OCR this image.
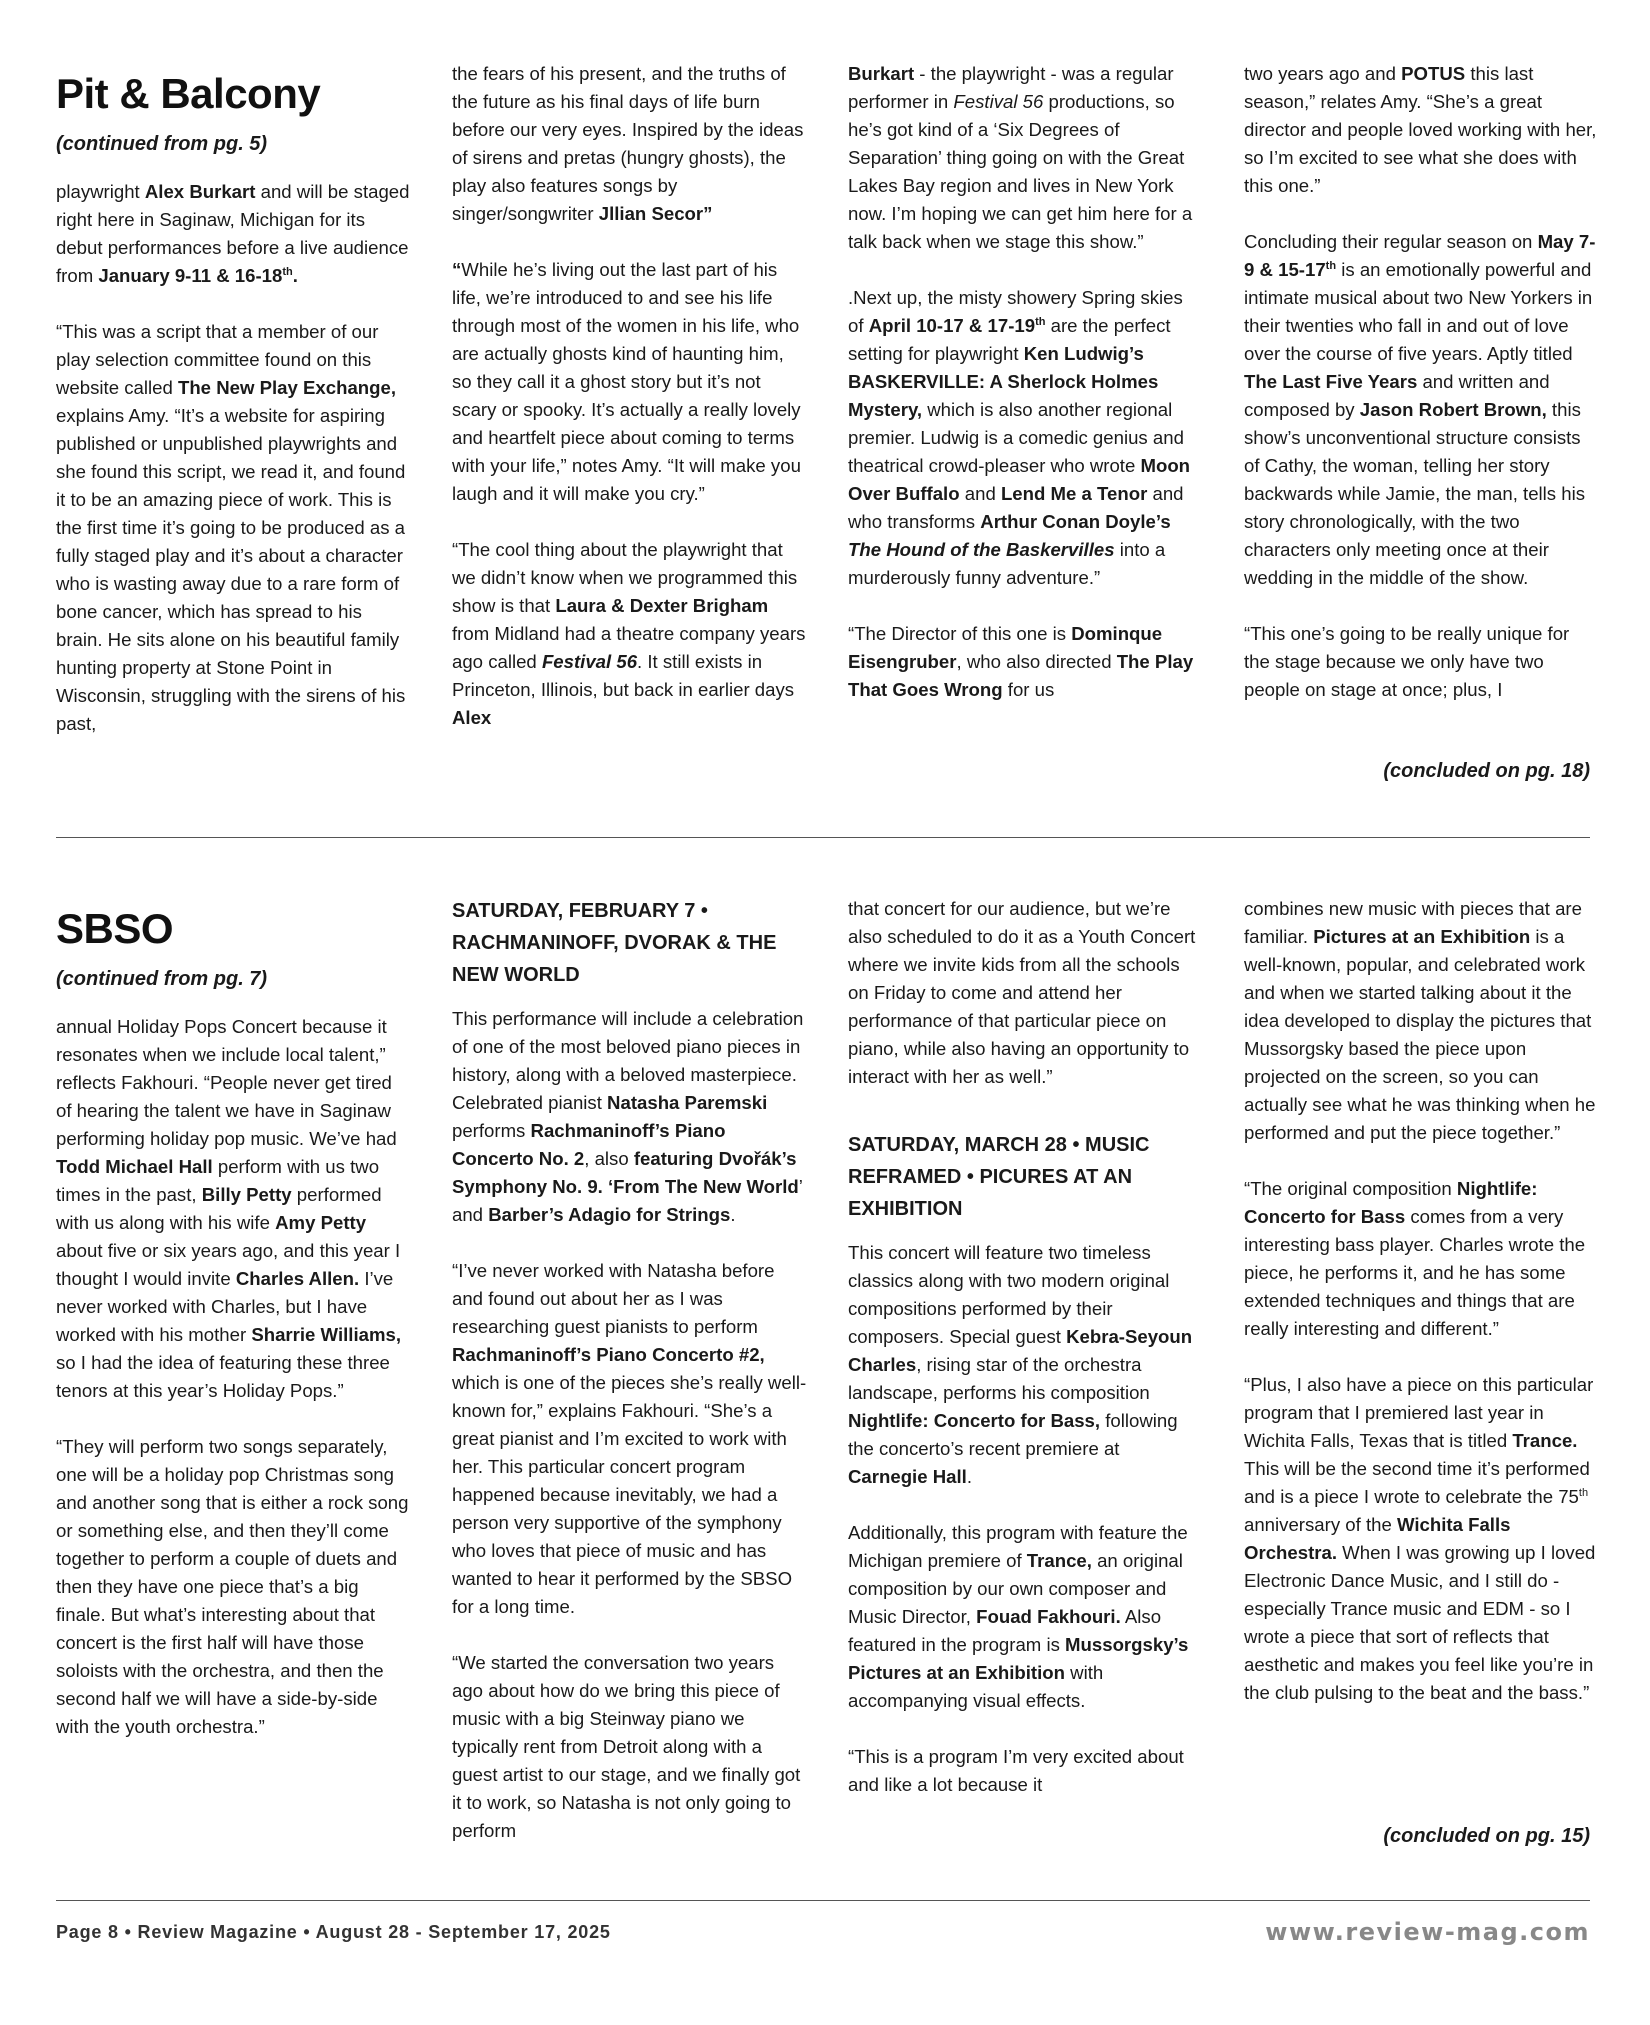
Pit & Balcony
(continued from pg. 5)

playwright Alex Burkart and will be staged right here in Saginaw, Michigan for its debut performances before a live audience from January 9-11 & 16-18th.

“This was a script that a member of our play selection committee found on this website called The New Play Exchange, explains Amy. “It’s a website for aspiring published or unpublished playwrights and she found this script, we read it, and found it to be an amazing piece of work. This is the first time it’s going to be produced as a fully staged play and it’s about a character who is wasting away due to a rare form of bone cancer, which has spread to his brain. He sits alone on his beautiful family hunting property at Stone Point in Wisconsin, struggling with the sirens of his past,

the fears of his present, and the truths of the future as his final days of life burn before our very eyes. Inspired by the ideas of sirens and pretas (hungry ghosts), the play also features songs by singer/songwriter Jllian Secor”

“While he’s living out the last part of his life, we’re introduced to and see his life through most of the women in his life, who are actually ghosts kind of haunting him, so they call it a ghost story but it’s not scary or spooky. It’s actually a really lovely and heartfelt piece about coming to terms with your life,” notes Amy. “It will make you laugh and it will make you cry.”

“The cool thing about the playwright that we didn’t know when we programmed this show is that Laura & Dexter Brigham from Midland had a theatre company years ago called Festival 56. It still exists in Princeton, Illinois, but back in earlier days Alex

Burkart - the playwright - was a regular performer in Festival 56 productions, so he’s got kind of a ‘Six Degrees of Separation’ thing going on with the Great Lakes Bay region and lives in New York now. I’m hoping we can get him here for a talk back when we stage this show.”

.Next up, the misty showery Spring skies of April 10-17 & 17-19th are the perfect setting for playwright Ken Ludwig’s BASKERVILLE: A Sherlock Holmes Mystery, which is also another regional premier. Ludwig is a comedic genius and theatrical crowd-pleaser who wrote Moon Over Buffalo and Lend Me a Tenor and who transforms Arthur Conan Doyle’s The Hound of the Baskervilles into a murderously funny adventure.”

“The Director of this one is Dominque Eisengruber, who also directed The Play That Goes Wrong for us

two years ago and POTUS this last season,” relates Amy. “She’s a great director and people loved working with her, so I’m excited to see what she does with this one.”

Concluding their regular season on May 7-9 & 15-17th is an emotionally powerful and intimate musical about two New Yorkers in their twenties who fall in and out of love over the course of five years. Aptly titled The Last Five Years and written and composed by Jason Robert Brown, this show’s unconventional structure consists of Cathy, the woman, telling her story backwards while Jamie, the man, tells his story chronologically, with the two characters only meeting once at their wedding in the middle of the show.

“This one’s going to be really unique for the stage because we only have two people on stage at once; plus, I

(concluded on pg. 18)
SBSO
(continued from pg. 7)

annual Holiday Pops Concert because it resonates when we include local talent,” reflects Fakhouri. “People never get tired of hearing the talent we have in Saginaw performing holiday pop music. We’ve had Todd Michael Hall perform with us two times in the past, Billy Petty performed with us along with his wife Amy Petty about five or six years ago, and this year I thought I would invite Charles Allen. I’ve never worked with Charles, but I have worked with his mother Sharrie Williams, so I had the idea of featuring these three tenors at this year’s Holiday Pops.”

“They will perform two songs separately, one will be a holiday pop Christmas song and another song that is either a rock song or something else, and then they’ll come together to perform a couple of duets and then they have one piece that’s a big finale. But what’s interesting about that concert is the first half will have those soloists with the orchestra, and then the second half we will have a side-by-side with the youth orchestra.”

SATURDAY, FEBRUARY 7 • RACHMANINOFF, DVORAK & THE NEW WORLD

This performance will include a celebration of one of the most beloved piano pieces in history, along with a beloved masterpiece. Celebrated pianist Natasha Paremski performs Rachmaninoff’s Piano Concerto No. 2, also featuring Dvořák’s Symphony No. 9. ‘From The New World’ and Barber’s Adagio for Strings.

“I’ve never worked with Natasha before and found out about her as I was researching guest pianists to perform Rachmaninoff’s Piano Concerto #2, which is one of the pieces she’s really well-known for,” explains Fakhouri. “She’s a great pianist and I’m excited to work with her. This particular concert program happened because inevitably, we had a person very supportive of the symphony who loves that piece of music and has wanted to hear it performed by the SBSO for a long time.

“We started the conversation two years ago about how do we bring this piece of music with a big Steinway piano we typically rent from Detroit along with a guest artist to our stage, and we finally got it to work, so Natasha is not only going to perform

that concert for our audience, but we’re also scheduled to do it as a Youth Concert where we invite kids from all the schools on Friday to come and attend her performance of that particular piece on piano, while also having an opportunity to interact with her as well.”

SATURDAY, MARCH 28 • MUSIC REFRAMED • PICURES AT AN EXHIBITION

This concert will feature two timeless classics along with two modern original compositions performed by their composers. Special guest Kebra-Seyoun Charles, rising star of the orchestra landscape, performs his composition Nightlife: Concerto for Bass, following the concerto’s recent premiere at Carnegie Hall.

Additionally, this program with feature the Michigan premiere of Trance, an original composition by our own composer and Music Director, Fouad Fakhouri. Also featured in the program is Mussorgsky’s Pictures at an Exhibition with accompanying visual effects.

“This is a program I’m very excited about and like a lot because it

combines new music with pieces that are familiar. Pictures at an Exhibition is a well-known, popular, and celebrated work and when we started talking about it the idea developed to display the pictures that Mussorgsky based the piece upon projected on the screen, so you can actually see what he was thinking when he performed and put the piece together.”

“The original composition Nightlife: Concerto for Bass comes from a very interesting bass player. Charles wrote the piece, he performs it, and he has some extended techniques and things that are really interesting and different.”

“Plus, I also have a piece on this particular program that I premiered last year in Wichita Falls, Texas that is titled Trance. This will be the second time it’s performed and is a piece I wrote to celebrate the 75th anniversary of the Wichita Falls Orchestra. When I was growing up I loved Electronic Dance Music, and I still do - especially Trance music and EDM - so I wrote a piece that sort of reflects that aesthetic and makes you feel like you’re in the club pulsing to the beat and the bass.”

(concluded on pg. 15)
Page 8 • Review Magazine • August 28 - September 17, 2025	www.review-mag.com
